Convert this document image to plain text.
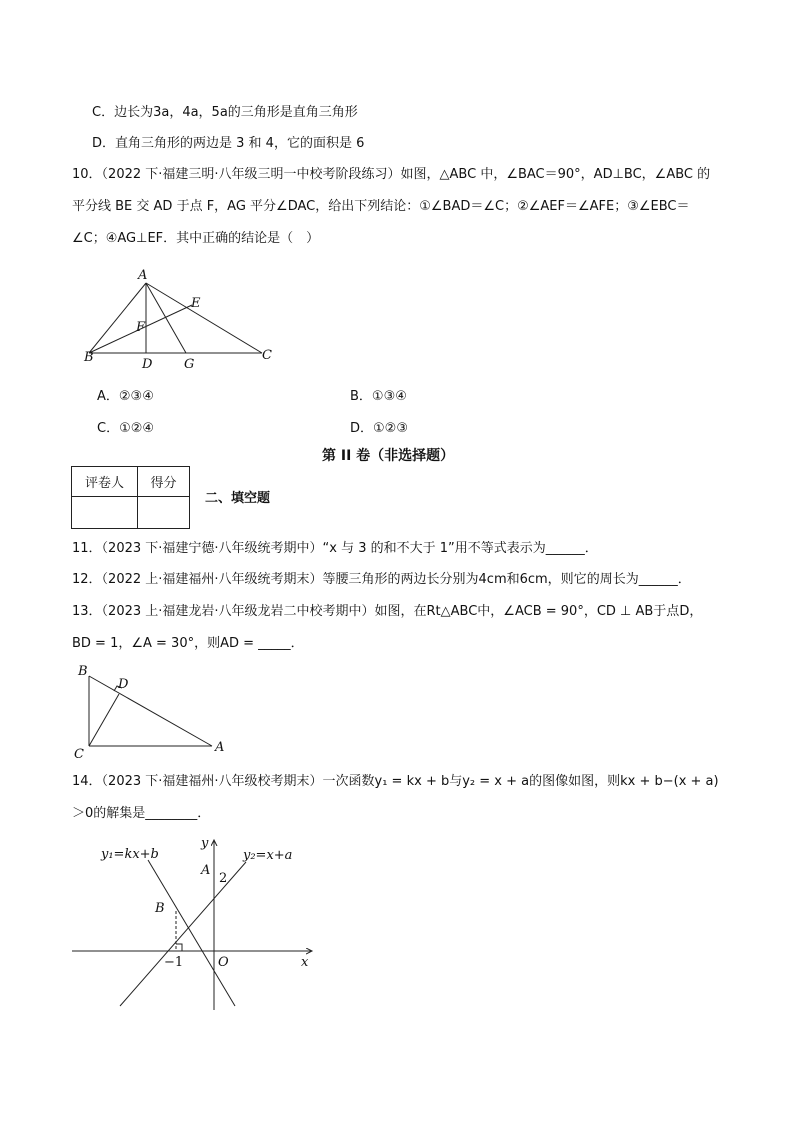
C．边长为3a，4a，5a的三角形是直角三角形
D．直角三角形的两边是 3 和 4，它的面积是 6
10．（2022 下·福建三明·八年级三明一中校考阶段练习）如图，△ABC 中，∠BAC＝90°，AD⊥BC，∠ABC 的
平分线 BE 交 AD 于点 F，AG 平分∠DAC，给出下列结论：①∠BAD＝∠C；②∠AEF＝∠AFE；③∠EBC＝
∠C；④AG⊥EF．其中正确的结论是（　）
A
E
F
B	D G
C
A．②③④	B．①③④
C．①②④	D．①②③
第 II 卷（非选择题）
评卷人	得分

二、填空题
11．（2023 下·福建宁德·八年级统考期中）“x 与 3 的和不大于 1”用不等式表示为______．
12．（2022 上·福建福州·八年级统考期末）等腰三角形的两边长分别为4cm和6cm，则它的周长为______．
13．（2023 上·福建龙岩·八年级龙岩二中校考期中）如图，在Rt△ABC中，∠ACB = 90°，CD ⊥ AB于点D，
BD = 1，∠A = 30°，则AD = _____．
B
D
C	A
14．（2023 下·福建福州·八年级校考期末）一次函数y₁ = kx + b与y₂ = x + a的图像如图，则kx + b−(x + a)
＞0的解集是________．
y₁=kx+b	y₂=x+a
y
A
2
B
−1	O	x
